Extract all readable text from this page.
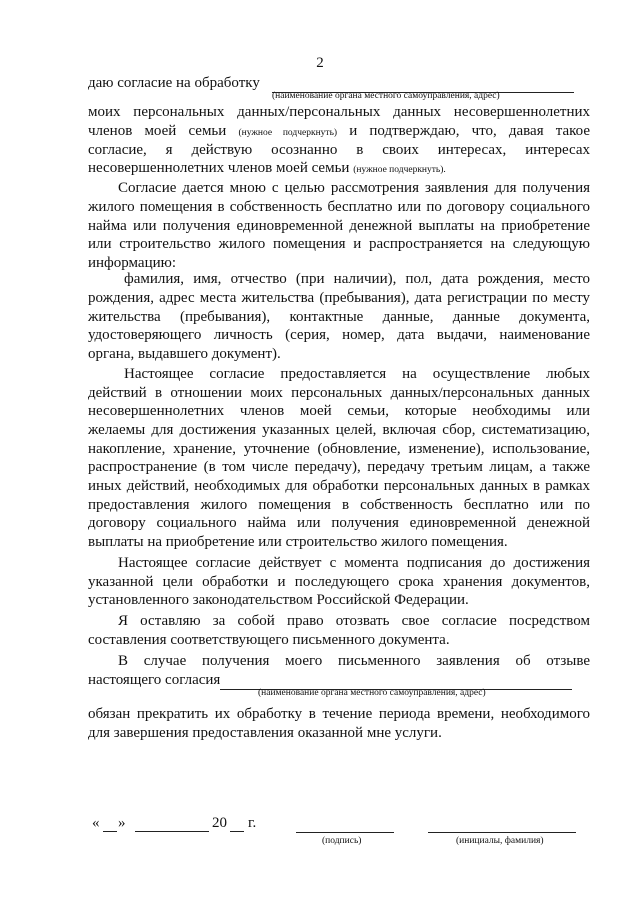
2
даю согласие на обработку
(наименование органа местного самоуправления, адрес)
моих персональных данных/персональных данных несовершеннолетних
членов моей семьи (нужное подчеркнуть) и подтверждаю, что, давая такое
согласие, я действую осознанно в своих интересах, интересах
несовершеннолетних членов моей семьи (нужное подчеркнуть).
Согласие дается мною с целью рассмотрения заявления для получения
жилого помещения в собственность бесплатно или по договору социального
найма или получения единовременной денежной выплаты на приобретение
или строительство жилого помещения и распространяется на следующую
информацию:
фамилия, имя, отчество (при наличии), пол, дата рождения, место
рождения, адрес места жительства (пребывания), дата регистрации по месту
жительства (пребывания), контактные данные, данные документа,
удостоверяющего личность (серия, номер, дата выдачи, наименование
органа, выдавшего документ).
Настоящее согласие предоставляется на осуществление любых
действий в отношении моих персональных данных/персональных данных
несовершеннолетних членов моей семьи, которые необходимы или
желаемы для достижения указанных целей, включая сбор, систематизацию,
накопление, хранение, уточнение (обновление, изменение), использование,
распространение (в том числе передачу), передачу третьим лицам, а также
иных действий, необходимых для обработки персональных данных в рамках
предоставления жилого помещения в собственность бесплатно или по
договору социального найма или получения единовременной денежной
выплаты на приобретение или строительство жилого помещения.
Настоящее согласие действует с момента подписания до достижения
указанной цели обработки и последующего срока хранения документов,
установленного законодательством Российской Федерации.
Я оставляю за собой право отозвать свое согласие посредством
составления соответствующего письменного документа.
В случае получения моего письменного заявления об отзыве
настоящего согласия
(наименование органа местного самоуправления, адрес)
обязан прекратить их обработку в течение периода времени, необходимого
для завершения предоставления оказанной мне услуги.
« »	20 г.
(подпись)	(инициалы, фамилия)
